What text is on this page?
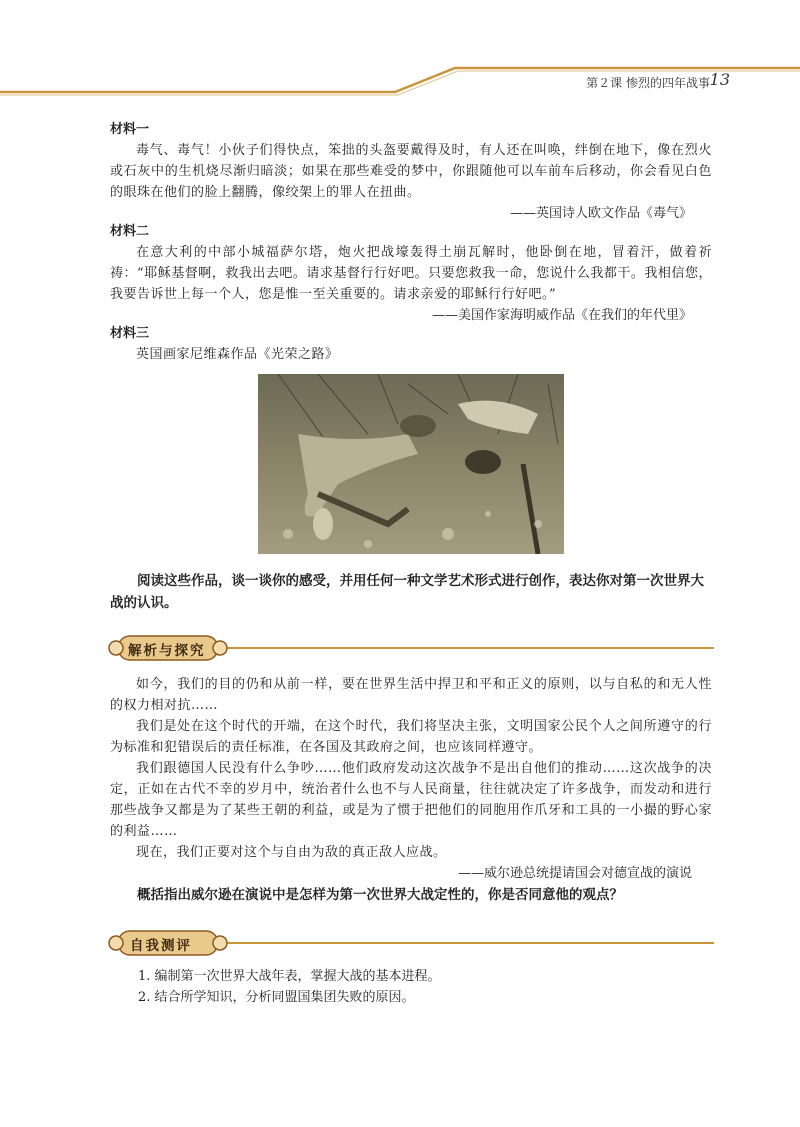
第２课 惨烈的四年战事 13
材料一

毒气、毒气！小伙子们得快点，笨拙的头盔要戴得及时，有人还在叫唤，绊倒在地下，像在烈火或石灰中的生机烧尽渐归暗淡；如果在那些难受的梦中，你跟随他可以车前车后移动，你会看见白色的眼珠在他们的脸上翻腾，像绞架上的罪人在扭曲。

——英国诗人欧文作品《毒气》

材料二

在意大利的中部小城福萨尔塔，炮火把战壕轰得土崩瓦解时，他卧倒在地，冒着汗，做着祈祷：“耶稣基督啊，救我出去吧。请求基督行行好吧。只要您救我一命，您说什么我都干。我相信您，我要告诉世上每一个人，您是惟一至关重要的。请求亲爱的耶稣行行好吧。”

——美国作家海明威作品《在我们的年代里》

材料三

英国画家尼维森作品《光荣之路》

阅读这些作品，谈一谈你的感受，并用任何一种文学艺术形式进行创作，表达你对第一次世界大战的认识。

解析与探究

如今，我们的目的仍和从前一样，要在世界生活中捍卫和平和正义的原则，以与自私的和无人性的权力相对抗……

我们是处在这个时代的开端，在这个时代，我们将坚决主张，文明国家公民个人之间所遵守的行为标准和犯错误后的责任标准，在各国及其政府之间，也应该同样遵守。

我们跟德国人民没有什么争吵……他们政府发动这次战争不是出自他们的推动……这次战争的决定，正如在古代不幸的岁月中，统治者什么也不与人民商量，往往就决定了许多战争，而发动和进行那些战争又都是为了某些王朝的利益，或是为了惯于把他们的同胞用作爪牙和工具的一小撮的野心家的利益……

现在，我们正要对这个与自由为敌的真正敌人应战。

——威尔逊总统提请国会对德宣战的演说

概括指出威尔逊在演说中是怎样为第一次世界大战定性的，你是否同意他的观点？

自我测评
1. 编制第一次世界大战年表，掌握大战的基本进程。
2. 结合所学知识，分析同盟国集团失败的原因。
